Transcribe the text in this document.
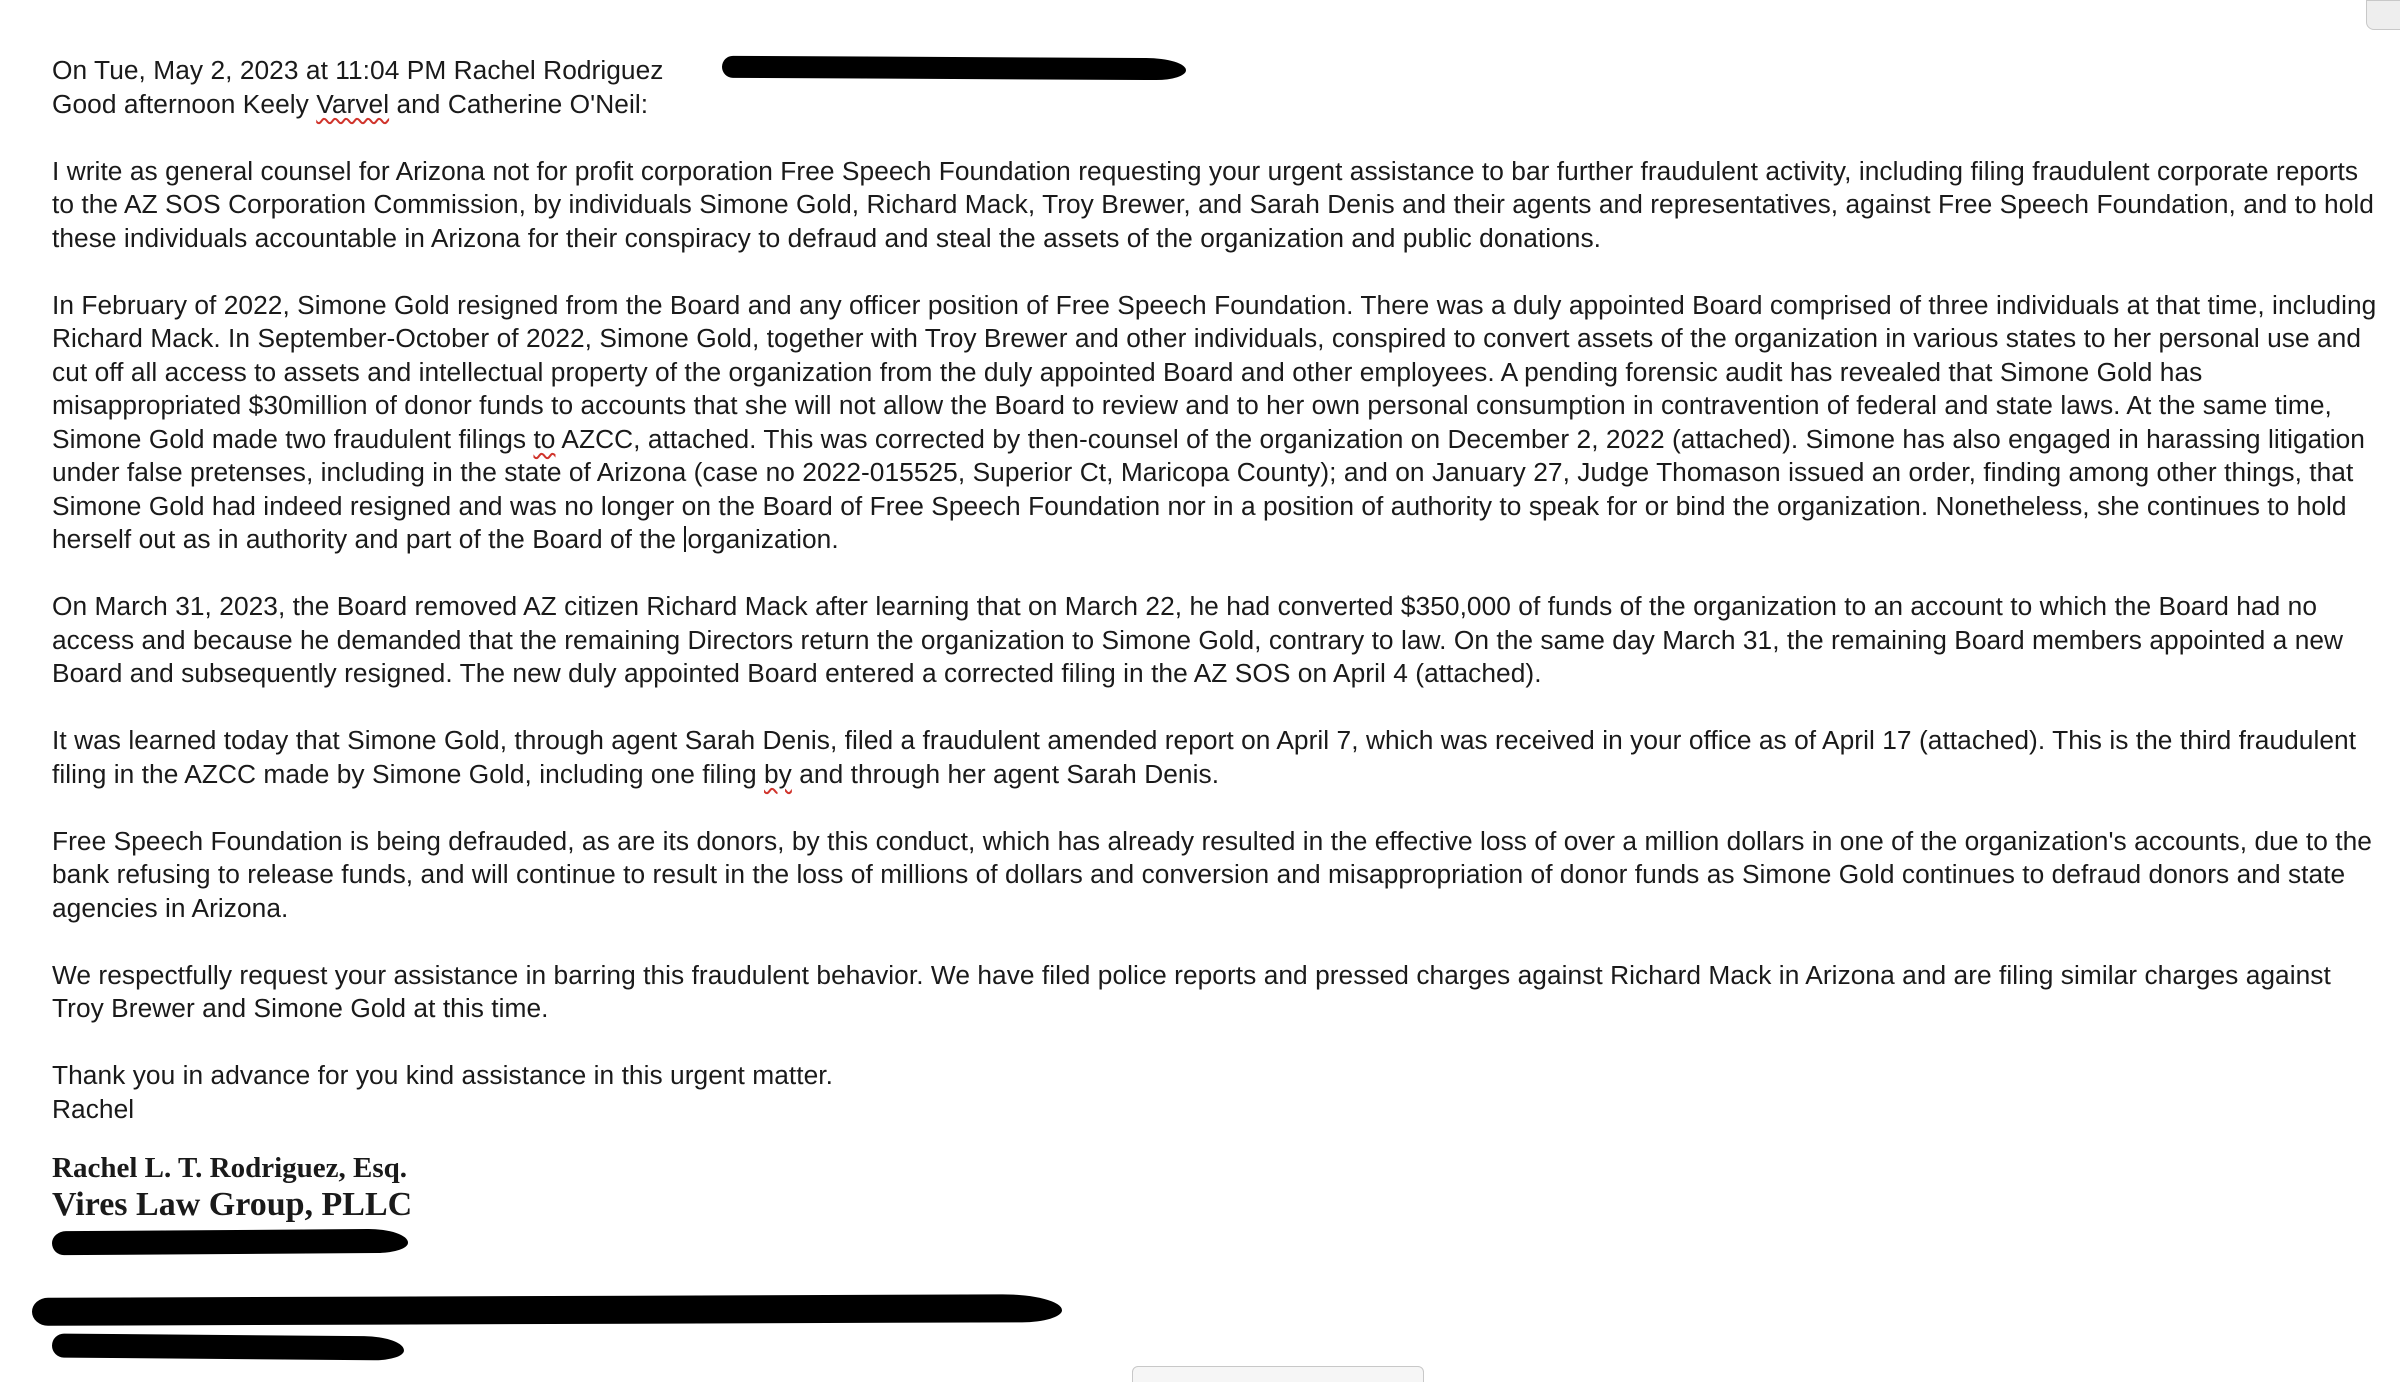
On Tue, May 2, 2023 at 11:04 PM Rachel Rodriguez

Good afternoon Keely Varvel and Catherine O'Neil:

I write as general counsel for Arizona not for profit corporation Free Speech Foundation requesting your urgent assistance to bar further fraudulent activity, including filing fraudulent corporate reports to the AZ SOS Corporation Commission, by individuals Simone Gold, Richard Mack, Troy Brewer, and Sarah Denis and their agents and representatives, against Free Speech Foundation, and to hold these individuals accountable in Arizona for their conspiracy to defraud and steal the assets of the organization and public donations.

In February of 2022, Simone Gold resigned from the Board and any officer position of Free Speech Foundation. There was a duly appointed Board comprised of three individuals at that time, including Richard Mack. In September-October of 2022, Simone Gold, together with Troy Brewer and other individuals, conspired to convert assets of the organization in various states to her personal use and cut off all access to assets and intellectual property of the organization from the duly appointed Board and other employees. A pending forensic audit has revealed that Simone Gold has misappropriated $30million of donor funds to accounts that she will not allow the Board to review and to her own personal consumption in contravention of federal and state laws. At the same time, Simone Gold made two fraudulent filings to AZCC, attached. This was corrected by then-counsel of the organization on December 2, 2022 (attached). Simone has also engaged in harassing litigation under false pretenses, including in the state of Arizona (case no 2022-015525, Superior Ct, Maricopa County); and on January 27, Judge Thomason issued an order, finding among other things, that Simone Gold had indeed resigned and was no longer on the Board of Free Speech Foundation nor in a position of authority to speak for or bind the organization. Nonetheless, she continues to hold herself out as in authority and part of the Board of the organization.

On March 31, 2023, the Board removed AZ citizen Richard Mack after learning that on March 22, he had converted $350,000 of funds of the organization to an account to which the Board had no access and because he demanded that the remaining Directors return the organization to Simone Gold, contrary to law. On the same day March 31, the remaining Board members appointed a new Board and subsequently resigned. The new duly appointed Board entered a corrected filing in the AZ SOS on April 4 (attached).

It was learned today that Simone Gold, through agent Sarah Denis, filed a fraudulent amended report on April 7, which was received in your office as of April 17 (attached). This is the third fraudulent filing in the AZCC made by Simone Gold, including one filing by and through her agent Sarah Denis.

Free Speech Foundation is being defrauded, as are its donors, by this conduct, which has already resulted in the effective loss of over a million dollars in one of the organization's accounts, due to the bank refusing to release funds, and will continue to result in the loss of millions of dollars and conversion and misappropriation of donor funds as Simone Gold continues to defraud donors and state agencies in Arizona.

We respectfully request your assistance in barring this fraudulent behavior. We have filed police reports and pressed charges against Richard Mack in Arizona and are filing similar charges against Troy Brewer and Simone Gold at this time.

Thank you in advance for you kind assistance in this urgent matter.

Rachel

Rachel L. T. Rodriguez, Esq.
Vires Law Group, PLLC
